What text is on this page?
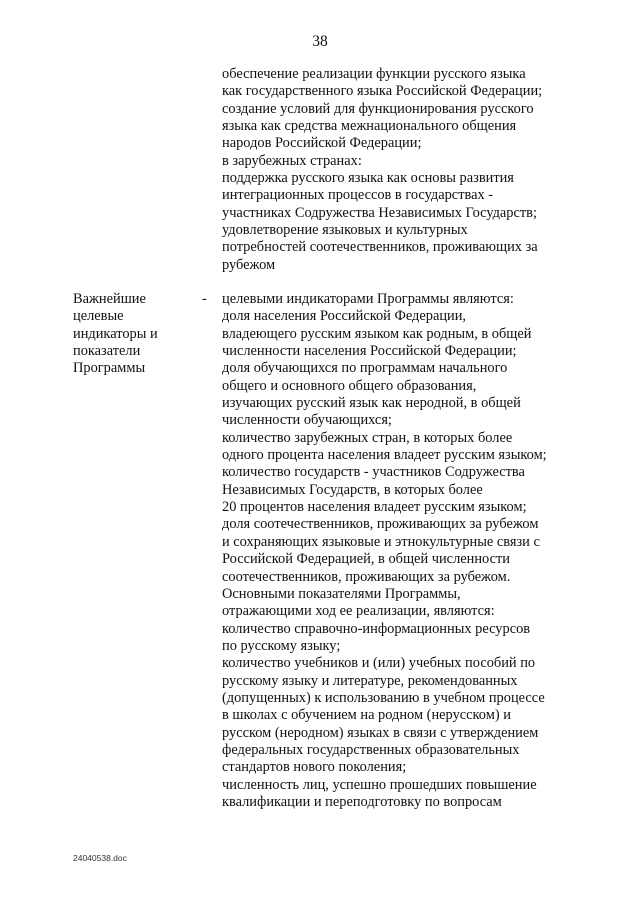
38
обеспечение реализации функции русского языка
как государственного языка Российской Федерации;
создание условий для функционирования русского
языка как средства межнационального общения
народов Российской Федерации;
в зарубежных странах:
поддержка русского языка как основы развития
интеграционных процессов в государствах -
участниках Содружества Независимых Государств;
удовлетворение языковых и культурных
потребностей соотечественников, проживающих за
рубежом
Важнейшие
целевые
индикаторы и
показатели
Программы
- целевыми индикаторами Программы являются:
доля населения Российской Федерации,
владеющего русским языком как родным, в общей
численности населения Российской Федерации;
доля обучающихся по программам начального
общего и основного общего образования,
изучающих русский язык как неродной, в общей
численности обучающихся;
количество зарубежных стран, в которых более
одного процента населения владеет русским языком;
количество государств - участников Содружества
Независимых Государств, в которых более
20 процентов населения владеет русским языком;
доля соотечественников, проживающих за рубежом
и сохраняющих языковые и этнокультурные связи с
Российской Федерацией, в общей численности
соотечественников, проживающих за рубежом.
Основными показателями Программы,
отражающими ход ее реализации, являются:
количество справочно-информационных ресурсов
по русскому языку;
количество учебников и (или) учебных пособий по
русскому языку и литературе, рекомендованных
(допущенных) к использованию в учебном процессе
в школах с обучением на родном (нерусском) и
русском (неродном) языках в связи с утверждением
федеральных государственных образовательных
стандартов нового поколения;
численность лиц, успешно прошедших повышение
квалификации и переподготовку по вопросам
24040538.doc
